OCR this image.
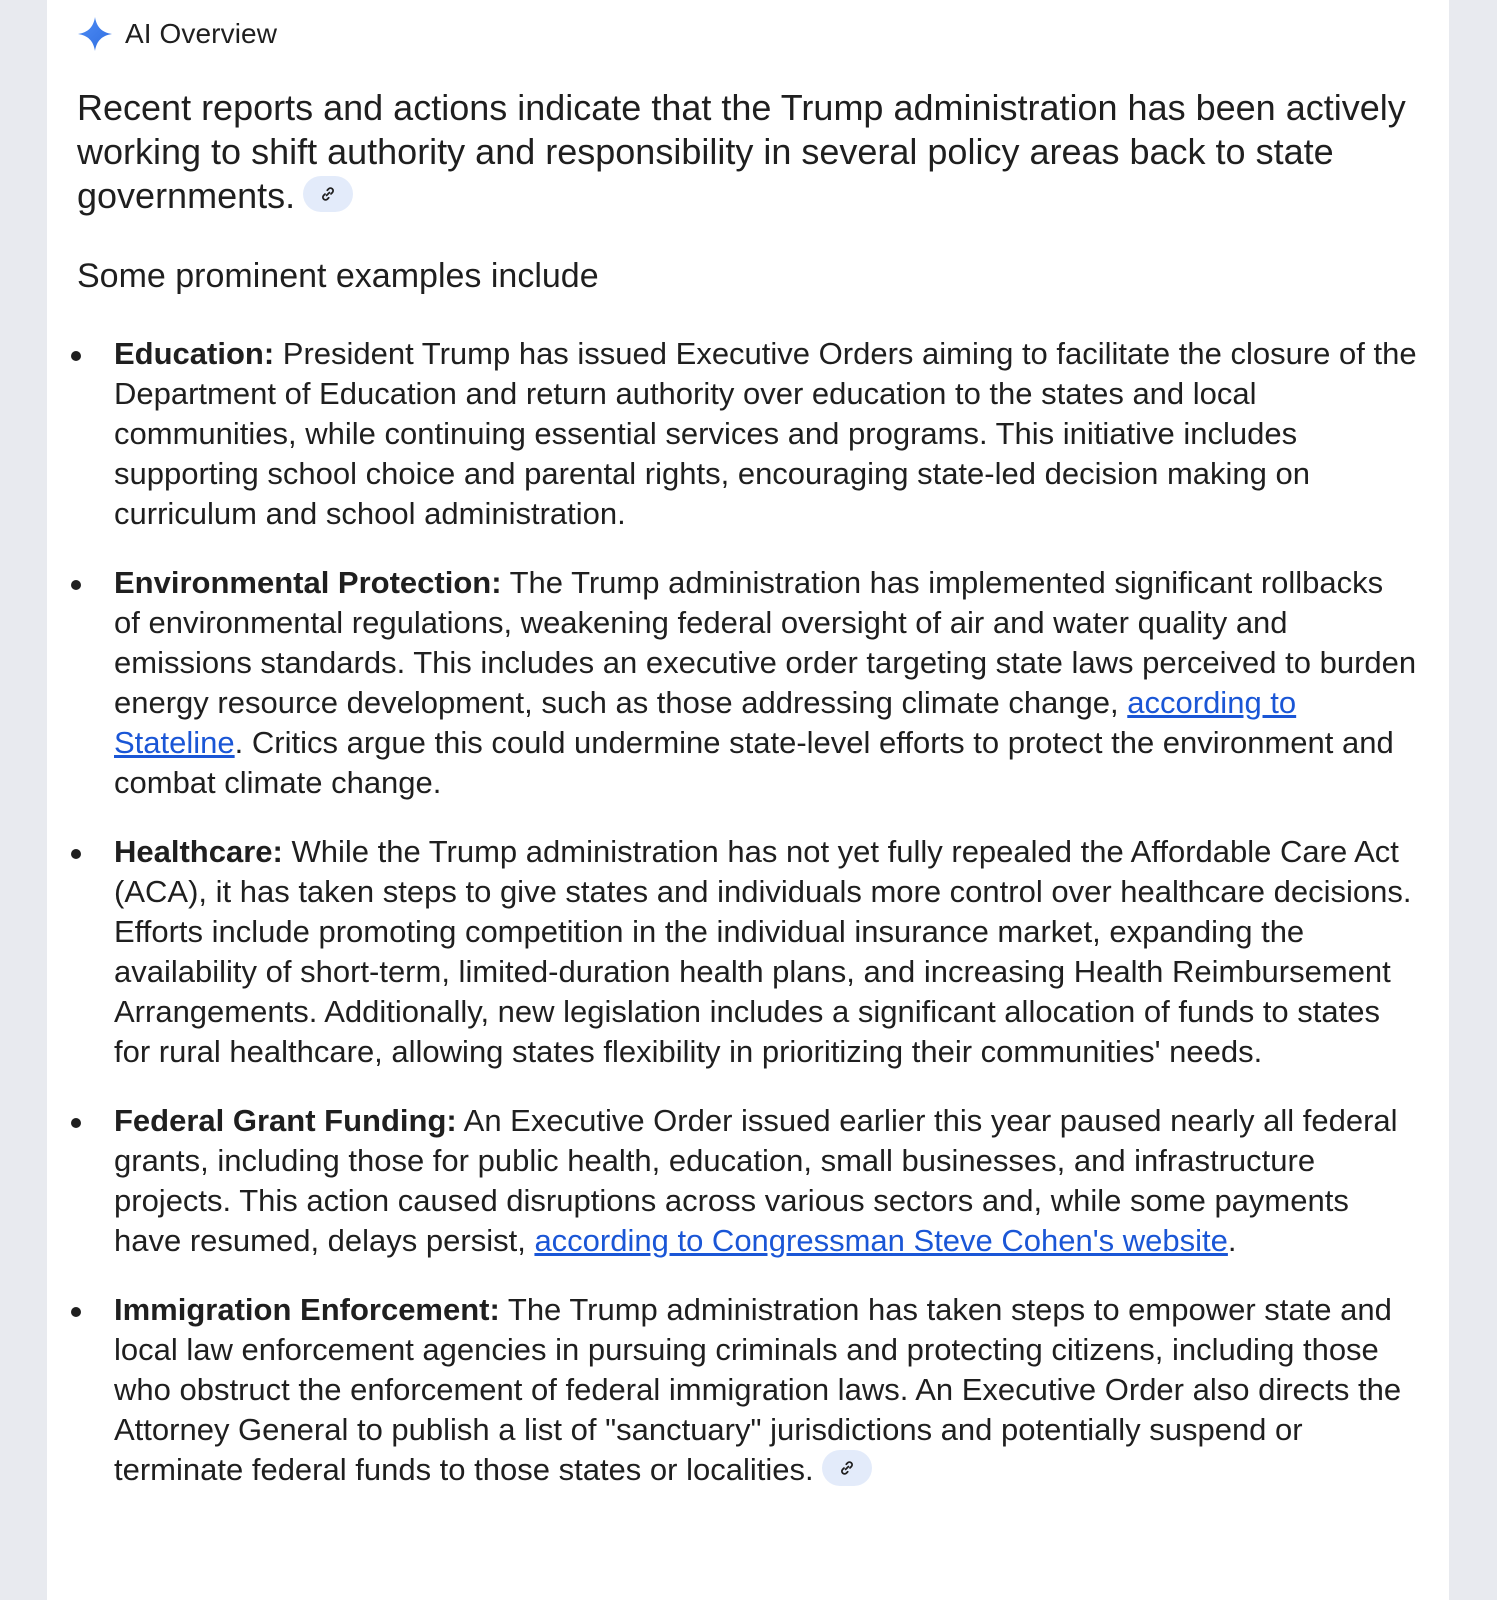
AI Overview

Recent reports and actions indicate that the Trump administration has been actively working to shift authority and responsibility in several policy areas back to state governments.

Some prominent examples include

Education: President Trump has issued Executive Orders aiming to facilitate the closure of the Department of Education and return authority over education to the states and local communities, while continuing essential services and programs. This initiative includes supporting school choice and parental rights, encouraging state-led decision making on curriculum and school administration.
Environmental Protection: The Trump administration has implemented significant rollbacks of environmental regulations, weakening federal oversight of air and water quality and emissions standards. This includes an executive order targeting state laws perceived to burden energy resource development, such as those addressing climate change, according to Stateline. Critics argue this could undermine state-level efforts to protect the environment and combat climate change.
Healthcare: While the Trump administration has not yet fully repealed the Affordable Care Act (ACA), it has taken steps to give states and individuals more control over healthcare decisions. Efforts include promoting competition in the individual insurance market, expanding the availability of short-term, limited-duration health plans, and increasing Health Reimbursement Arrangements. Additionally, new legislation includes a significant allocation of funds to states for rural healthcare, allowing states flexibility in prioritizing their communities' needs.
Federal Grant Funding: An Executive Order issued earlier this year paused nearly all federal grants, including those for public health, education, small businesses, and infrastructure projects. This action caused disruptions across various sectors and, while some payments have resumed, delays persist, according to Congressman Steve Cohen's website.
Immigration Enforcement: The Trump administration has taken steps to empower state and local law enforcement agencies in pursuing criminals and protecting citizens, including those who obstruct the enforcement of federal immigration laws. An Executive Order also directs the Attorney General to publish a list of "sanctuary" jurisdictions and potentially suspend or terminate federal funds to those states or localities.
